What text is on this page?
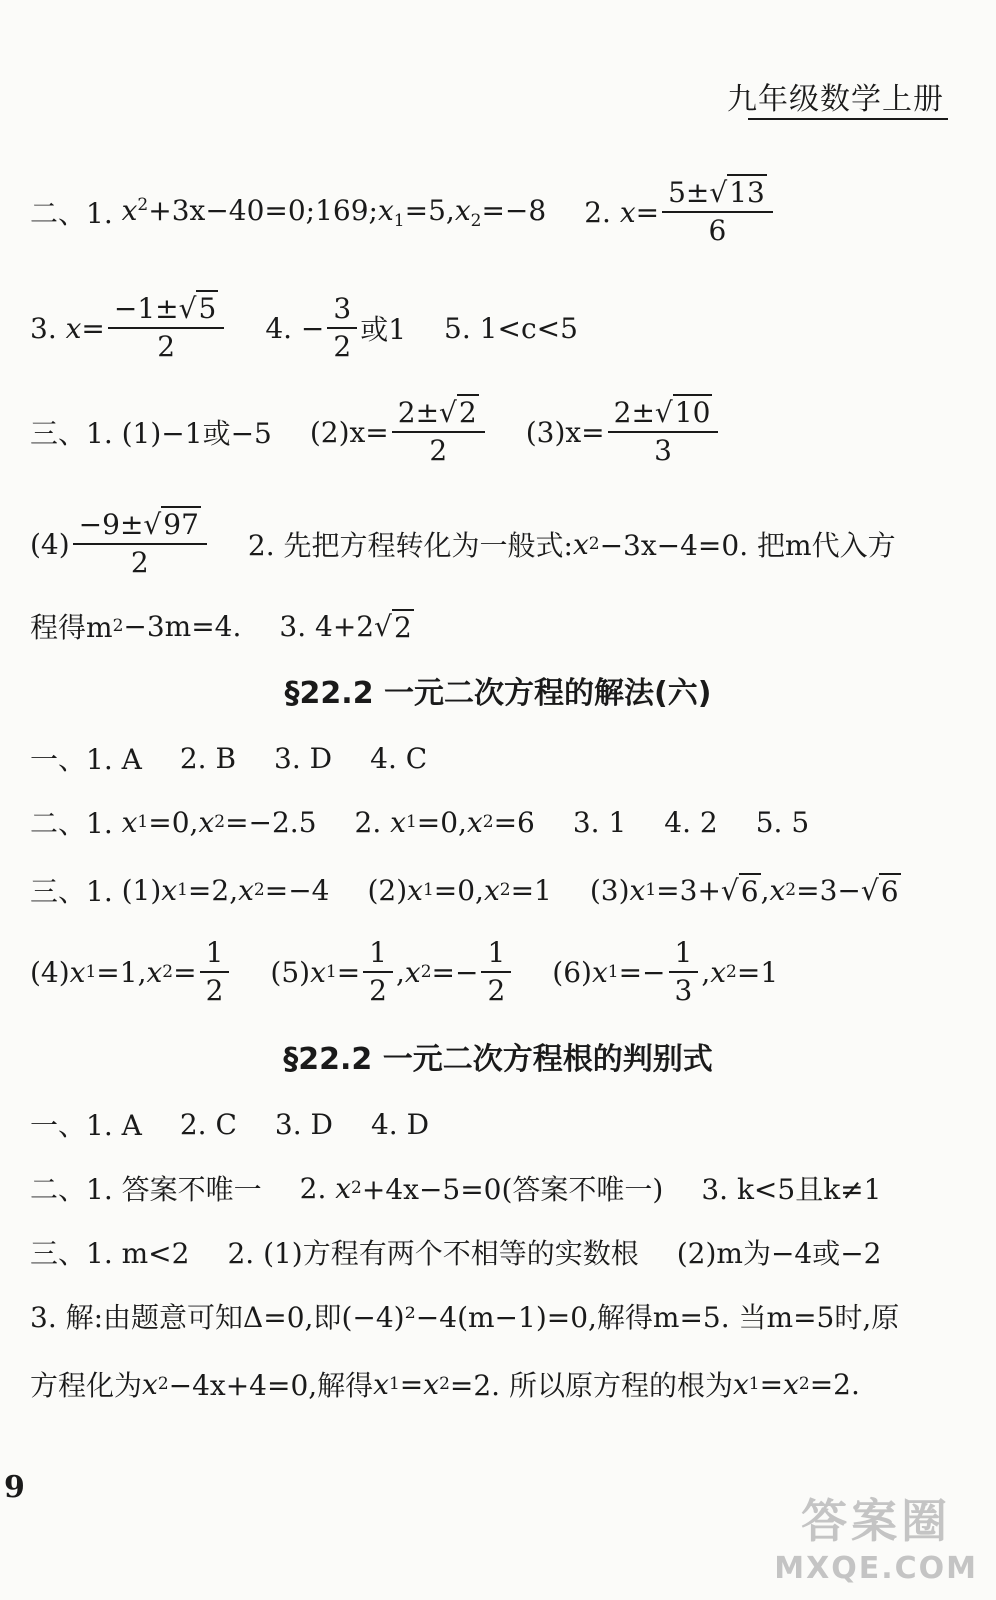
九年级数学上册
二、1.
$x^2+3x-40=0;169;x_1=5,x_2=-8$ 2.
$x = \frac{5\pm√13}{6}$
3.
$x = \frac{-1\pm√5}{2} 4$. − $\frac{3}{2}$ 或1 5. 1<c<5
三、1.
(1)−1或−5 $(2)x= \frac{2\pm√2}{2} (3)x= \frac{2\pm√10}{3}$
$(4) \frac{-9\pm√97}{2} 2$. 先把方程转化为一般式: x 2 −3x−4=0. 把m代入方
程得m 2 −3m=4. 3. 4+2 √ 2
§22.2 一元二次方程的解法(六)
一、1. A 2. B 3. D 4. C
二、1.
x 1 =0, x 2 =−2.5 2.
x 1 =0, x 2 =6 3. 1 4. 2 5. 5
三、1.
(1) x 1 =2, x 2 =−4 (2) x 1 =0, x 2 =1 (3) x 1 =3+ √ 6 , x 2 =3− √ 6
(4) x 1 =1, x $2 = \frac{1}{2} (5)$ x $1 = \frac{1}{2}$ , x $2 =- \frac{1}{2} (6)$ x $1 =- \frac{1}{3}$ , x 2 =1
§22.2 一元二次方程根的判别式
一、1. A 2. C 3. D 4. D
二、1. 答案不唯一 2.
x 2 +4x−5=0(答案不唯一) 3. k<5且k≠1
三、1. m<2 2. (1)方程有两个不相等的实数根 (2)m为−4或−2
3. 解:由题意可知Δ=0,即(−4)²−4(m−1)=0,解得m=5. 当m=5时,原
方程化为 x 2 −4x+4=0,解得 x 1 = x 2 =2. 所以原方程的根为 x 1 = x 2 =2.
9
答案圈
MXQE.COM
